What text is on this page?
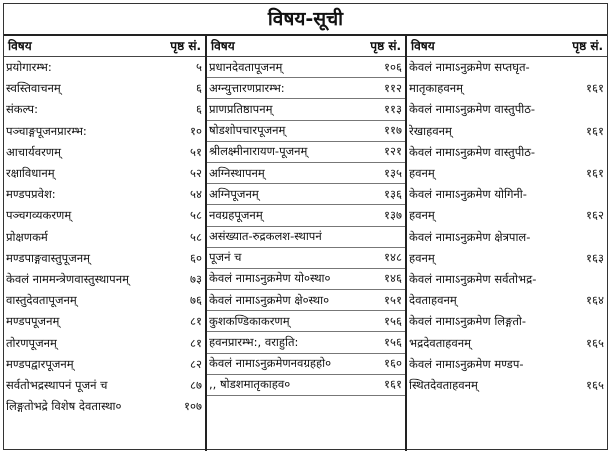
विषय-सूची
विषय	पृष्ठ सं.
प्रयोगारम्भ:	५
स्वस्तिवाचनम्	६
संकल्प:	६
पञ्चाङ्गपूजनप्रारम्भ:	१०
आचार्यवरणम्	५१
रक्षाविधानम्	५२
मण्डपप्रवेश:	५४
पञ्चगव्यकरणम्	५८
प्रोक्षणकर्म	५८
मण्डपाङ्गवास्तुपूजनम्	६०
केवलं नाममन्त्रेणवास्तुस्थापनम्	७३
वास्तुदेवतापूजनम्	७६
मण्डपपूजनम्	८१
तोरणपूजनम्	८१
मण्डपद्वारपूजनम्	८२
सर्वतोभद्रस्थापनं पूजनं च	८७
लिङ्गतोभद्रे विशेष देवतास्था०	१०७
विषय	पृष्ठ सं.
प्रधानदेवतापूजनम्	१०६
अग्न्युत्तारणप्रारम्भ:	११२
प्राणप्रतिष्ठापनम्	११३
षोडशोपचारपूजनम्	११७
श्रीलक्ष्मीनारायण-पूजनम्	१२१
अग्निस्थापनम्	१३५
अग्निपूजनम्	१३६
नवग्रहपूजनम्	१३७
असंख्यात-रुद्रकलश-स्थापनं
पूजनं च	१४८
केवलं नामाऽनुक्रमेण यो०स्था०	१४६
केवलं नामाऽनुक्रमेण क्षे०स्था०	१५१
कुशकण्डिकाकरणम्	१५६
हवनप्रारम्भ:, वराहुति:	१५६
केवलं नामाऽनुक्रमेणनवग्रहहो०	१६०
,, षोडशमातृकाहव०	१६१
विषय	पृष्ठ सं.
केवलं नामाऽनुक्रमेण सप्तघृत-
मातृकाहवनम्	१६१
केवलं नामाऽनुक्रमेण वास्तुपीठ-
रेखाहवनम्	१६१
केवलं नामाऽनुक्रमेण वास्तुपीठ-
हवनम्	१६१
केवलं नामाऽनुक्रमेण योगिनी-
हवनम्	१६२
केवलं नामाऽनुक्रमेण क्षेत्रपाल-
हवनम्	१६३
केवलं नामाऽनुक्रमेण सर्वतोभद्र-
देवताहवनम्	१६४
केवलं नामाऽनुक्रमेण लिङ्गतो-
भद्रदेवताहवनम्	१६५
केवलं नामाऽनुक्रमेण मण्डप-
स्थितदेवताहवनम्	१६५
